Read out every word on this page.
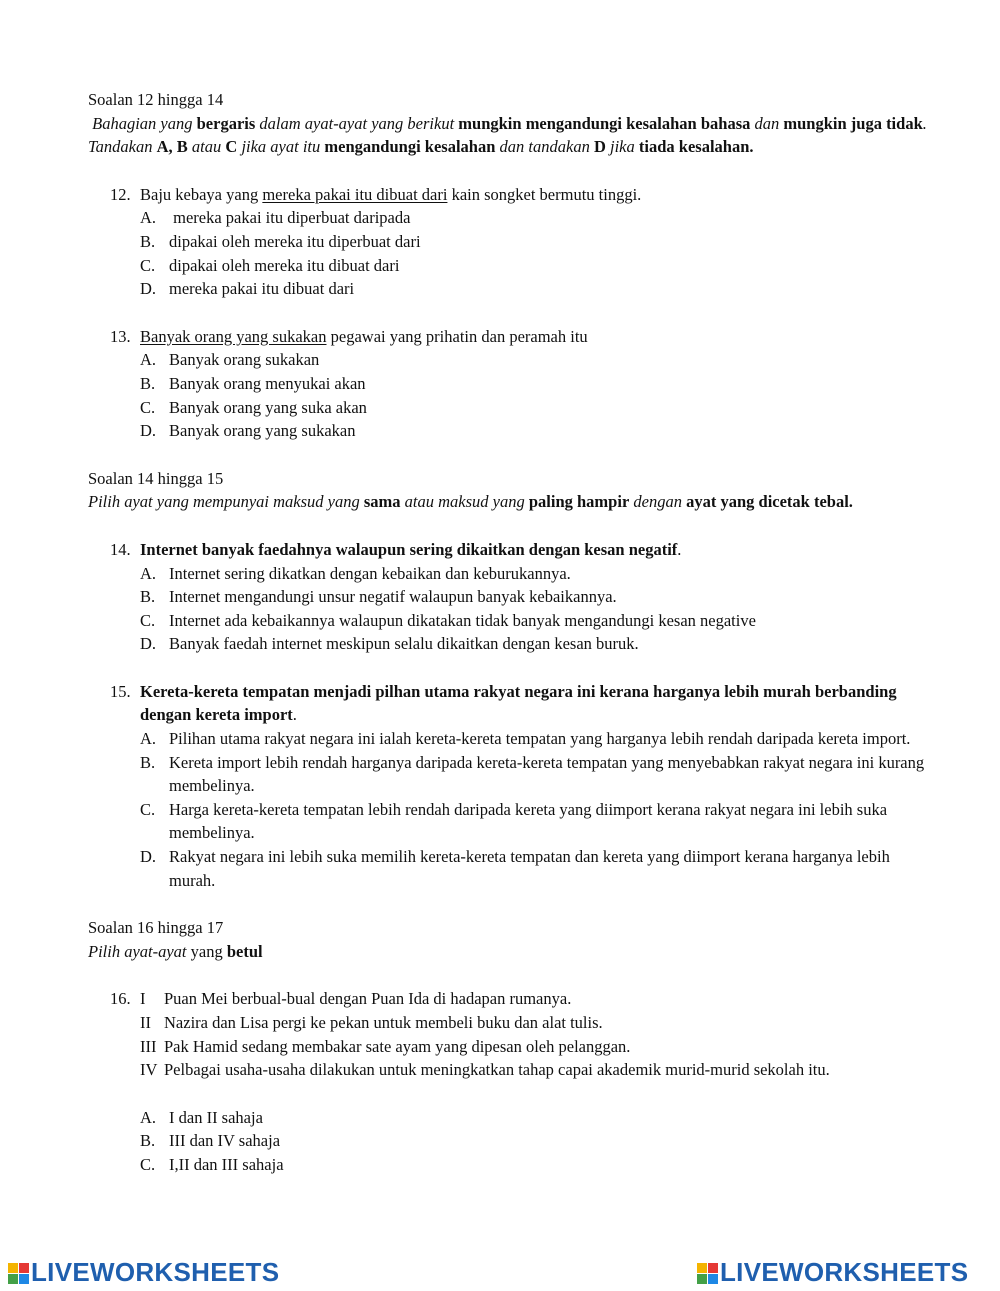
Soalan 12 hingga 14

Bahagian yang bergaris dalam ayat-ayat yang berikut mungkin mengandungi kesalahan bahasa dan mungkin juga tidak. Tandakan A, B atau C jika ayat itu mengandungi kesalahan dan tandakan D jika tiada kesalahan.

12. Baju kebaya yang mereka pakai itu dibuat dari kain songket bermutu tinggi.
A. mereka pakai itu diperbuat daripada
B. dipakai oleh mereka itu diperbuat dari
C. dipakai oleh mereka itu dibuat dari
D. mereka pakai itu dibuat dari
13. Banyak orang yang sukakan pegawai yang prihatin dan peramah itu
A. Banyak orang sukakan
B. Banyak orang menyukai akan
C. Banyak orang yang suka akan
D. Banyak orang yang sukakan

Soalan 14 hingga 15

Pilih ayat yang mempunyai maksud yang sama atau maksud yang paling hampir dengan ayat yang dicetak tebal.

14. Internet banyak faedahnya walaupun sering dikaitkan dengan kesan negatif.
A. Internet sering dikatkan dengan kebaikan dan keburukannya.
B. Internet mengandungi unsur negatif walaupun banyak kebaikannya.
C. Internet ada kebaikannya walaupun dikatakan tidak banyak mengandungi kesan negative
D. Banyak faedah internet meskipun selalu dikaitkan dengan kesan buruk.
15. Kereta-kereta tempatan menjadi pilhan utama rakyat negara ini kerana harganya lebih murah berbanding dengan kereta import.
A. Pilihan utama rakyat negara ini ialah kereta-kereta tempatan yang harganya lebih rendah daripada kereta import.
B. Kereta import lebih rendah harganya daripada kereta-kereta tempatan yang menyebabkan rakyat negara ini kurang membelinya.
C. Harga kereta-kereta tempatan lebih rendah daripada kereta yang diimport kerana rakyat negara ini lebih suka membelinya.
D. Rakyat negara ini lebih suka memilih kereta-kereta tempatan dan kereta yang diimport kerana harganya lebih murah.

Soalan 16 hingga 17

Pilih ayat-ayat yang betul

16. I Puan Mei berbual-bual dengan Puan Ida di hadapan rumanya.
II Nazira dan Lisa pergi ke pekan untuk membeli buku dan alat tulis.
III Pak Hamid sedang membakar sate ayam yang dipesan oleh pelanggan.
IV Pelbagai usaha-usaha dilakukan untuk meningkatkan tahap capai akademik murid-murid sekolah itu.
A. I dan II sahaja
B. III dan IV sahaja
C. I,II dan III sahaja
LIVEWORKSHEETS	LIVEWORKSHEETS
